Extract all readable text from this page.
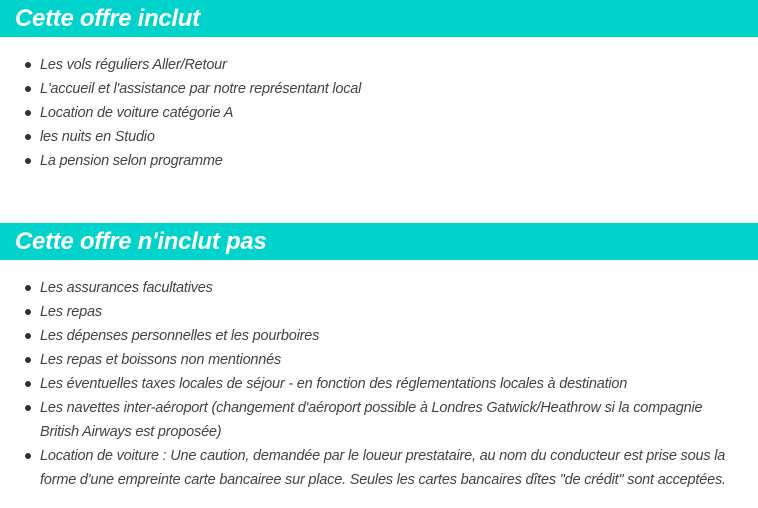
Cette offre inclut
Les vols réguliers Aller/Retour
L'accueil et l'assistance par notre représentant local
Location de voiture catégorie A
les nuits en Studio
La pension selon programme
Cette offre n'inclut pas
Les assurances facultatives
Les repas
Les dépenses personnelles et les pourboires
Les repas et boissons non mentionnés
Les éventuelles taxes locales de séjour - en fonction des réglementations locales à destination
Les navettes inter-aéroport (changement d'aéroport possible à Londres Gatwick/Heathrow si la compagnie British Airways est proposée)
Location de voiture : Une caution, demandée par le loueur prestataire, au nom du conducteur est prise sous la forme d'une empreinte carte bancairee sur place. Seules les cartes bancaires dîtes "de crédit" sont acceptées.
